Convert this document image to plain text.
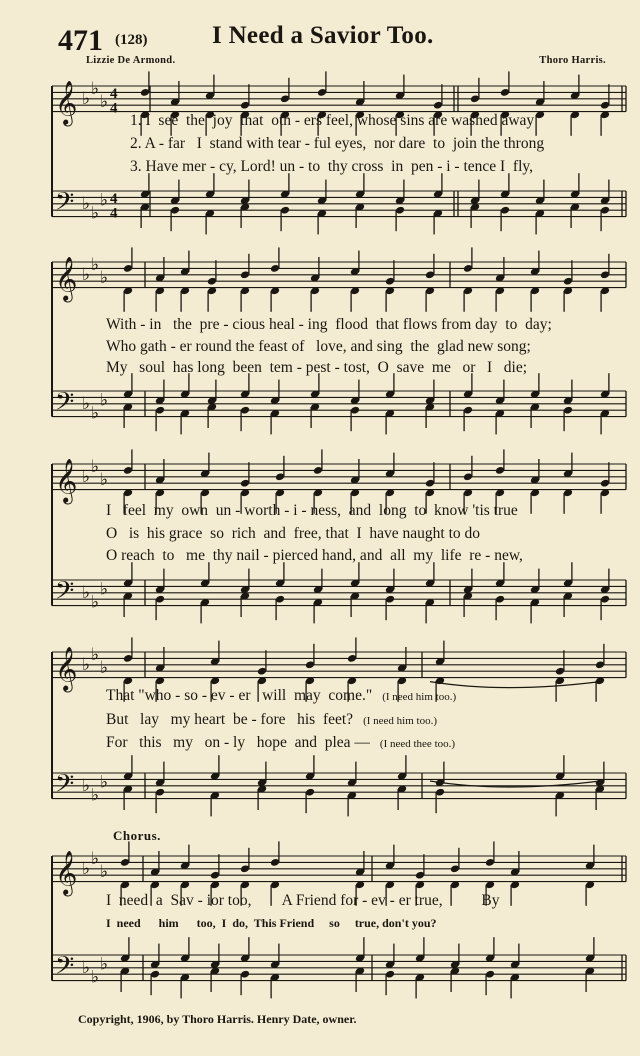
471 (128)	I Need a Savior Too.
Lizzie De Armond.	Thoro Harris.
𝄞 ♭ ♭
♭ 4
4
𝄢 ♭ ♭
♭ 4
4
𝄞 ♭ ♭
♭
𝄢 ♭ ♭
♭
𝄞 ♭ ♭
♭
𝄢 ♭ ♭
♭
𝄞 ♭ ♭
♭
𝄢 ♭ ♭
♭
𝄞 ♭ ♭
♭
𝄢 ♭ ♭
♭
Chorus.
Copyright, 1906, by Thoro Harris. Henry Date, owner.
1. I  see  the  joy  that  oth - ers feel, whose sins are washed away
2. A - far   I  stand with tear - ful eyes,  nor dare  to  join the throng
3. Have mer - cy, Lord! un - to  thy cross  in  pen - i - tence I  fly,
With - in   the  pre - cious heal - ing  flood  that flows from day  to  day;
Who gath - er round the feast of   love, and sing  the  glad new song;
My   soul  has long  been  tem - pest - tost,  O  save  me   or   I   die;
I   feel  my  own  un - worth - i - ness,  and  long  to  know 'tis true
O   is  his grace  so  rich  and  free, that  I  have naught to do
O reach  to   me  thy nail - pierced hand, and  all  my  life  re - new,
That "who - so - ev - er   will  may  come." (I need him too.)
But   lay   my heart  be - fore   his  feet? (I need him too.)
For   this   my   on - ly   hope  and  plea — (I need thee too.)
I  need  a  Sav - ior too,        A Friend for - ev - er true,          By
I  need      him      too,  I  do,  This Friend     so     true, don't you?
